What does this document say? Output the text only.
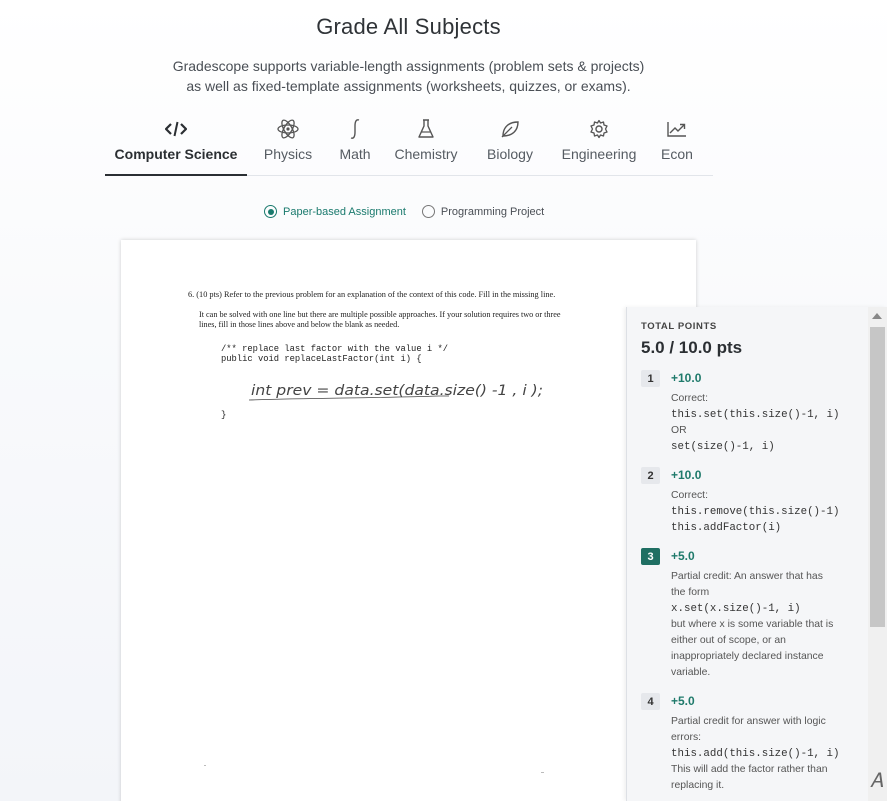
Grade All Subjects
Gradescope supports variable-length assignments (problem sets & projects)
as well as fixed-template assignments (worksheets, quizzes, or exams).
Computer Science Physics Math Chemistry Biology Engineering Econ
Paper-based Assignment	Programming Project
6. (10 pts) Refer to the previous problem for an explanation of the context of this code. Fill in the missing line.
It can be solved with one line but there are multiple possible approaches. If your solution requires two or three
lines, fill in those lines above and below the blank as needed.
/** replace last factor with the value i */
public void replaceLastFactor(int i) {
int prev = data.set(data.size() -1 , i );
}
TOTAL POINTS
5.0 / 10.0 pts
1	+10.0
Correct:
this.set(this.size()-1, i)
OR
set(size()-1, i)
2	+10.0
Correct:
this.remove(this.size()-1)
this.addFactor(i)
3	+5.0
Partial credit: An answer that has
the form
x.set(x.size()-1, i)
but where x is some variable that is
either out of scope, or an
inappropriately declared instance
variable.
4	+5.0
Partial credit for answer with logic
errors:
this.add(this.size()-1, i)
This will add the factor rather than
replacing it.	𝐴
